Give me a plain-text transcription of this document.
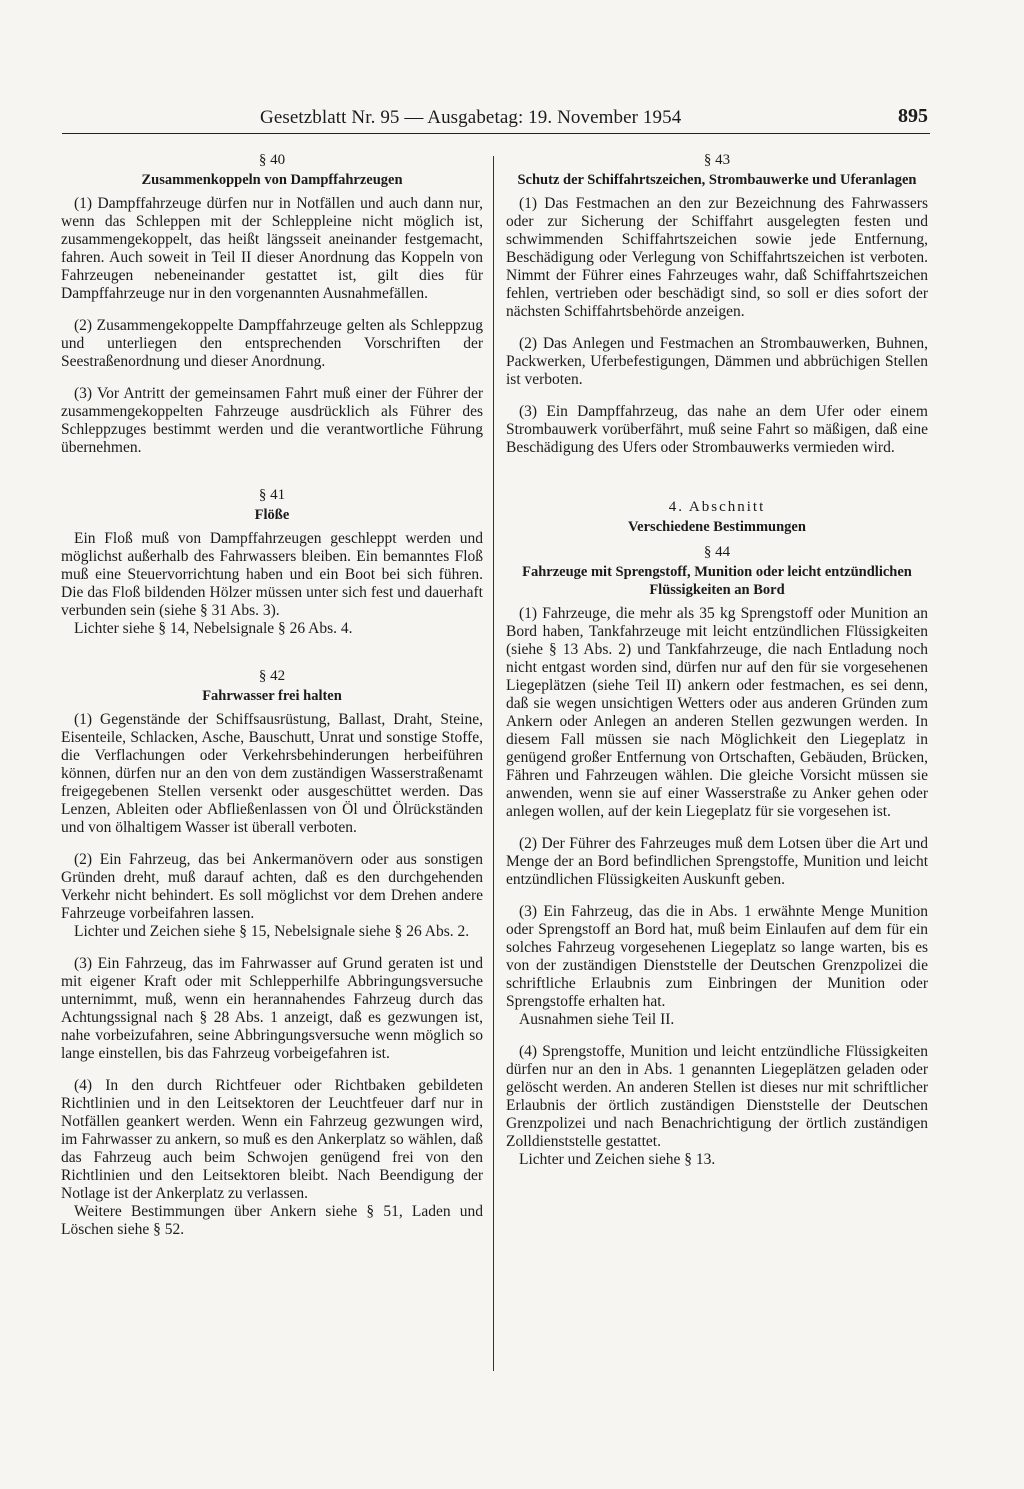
Gesetzblatt Nr. 95 — Ausgabetag: 19. November 1954	895
§ 40
Zusammenkoppeln von Dampffahrzeugen

(1) Dampffahrzeuge dürfen nur in Notfällen und auch dann nur, wenn das Schleppen mit der Schleppleine nicht möglich ist, zusammengekoppelt, das heißt längsseit aneinander festgemacht, fahren. Auch soweit in Teil II dieser Anordnung das Koppeln von Fahrzeugen nebeneinander gestattet ist, gilt dies für Dampffahrzeuge nur in den vorgenannten Ausnahmefällen.

(2) Zusammengekoppelte Dampffahrzeuge gelten als Schleppzug und unterliegen den entsprechenden Vorschriften der Seestraßenordnung und dieser Anordnung.

(3) Vor Antritt der gemeinsamen Fahrt muß einer der Führer der zusammengekoppelten Fahrzeuge ausdrücklich als Führer des Schleppzuges bestimmt werden und die verantwortliche Führung übernehmen.

§ 41
Flöße

Ein Floß muß von Dampffahrzeugen geschleppt werden und möglichst außerhalb des Fahrwassers bleiben. Ein bemanntes Floß muß eine Steuervorrichtung haben und ein Boot bei sich führen. Die das Floß bildenden Hölzer müssen unter sich fest und dauerhaft verbunden sein (siehe § 31 Abs. 3).

Lichter siehe § 14, Nebelsignale § 26 Abs. 4.

§ 42
Fahrwasser frei halten

(1) Gegenstände der Schiffsausrüstung, Ballast, Draht, Steine, Eisenteile, Schlacken, Asche, Bauschutt, Unrat und sonstige Stoffe, die Verflachungen oder Verkehrsbehinderungen herbeiführen können, dürfen nur an den von dem zuständigen Wasserstraßenamt freigegebenen Stellen versenkt oder ausgeschüttet werden. Das Lenzen, Ableiten oder Abfließenlassen von Öl und Ölrückständen und von ölhaltigem Wasser ist überall verboten.

(2) Ein Fahrzeug, das bei Ankermanövern oder aus sonstigen Gründen dreht, muß darauf achten, daß es den durchgehenden Verkehr nicht behindert. Es soll möglichst vor dem Drehen andere Fahrzeuge vorbeifahren lassen.

Lichter und Zeichen siehe § 15, Nebelsignale siehe § 26 Abs. 2.

(3) Ein Fahrzeug, das im Fahrwasser auf Grund geraten ist und mit eigener Kraft oder mit Schlepperhilfe Abbringungsversuche unternimmt, muß, wenn ein herannahendes Fahrzeug durch das Achtungssignal nach § 28 Abs. 1 anzeigt, daß es gezwungen ist, nahe vorbeizufahren, seine Abbringungsversuche wenn möglich so lange einstellen, bis das Fahrzeug vorbeigefahren ist.

(4) In den durch Richtfeuer oder Richtbaken gebildeten Richtlinien und in den Leitsektoren der Leuchtfeuer darf nur in Notfällen geankert werden. Wenn ein Fahrzeug gezwungen wird, im Fahrwasser zu ankern, so muß es den Ankerplatz so wählen, daß das Fahrzeug auch beim Schwojen genügend frei von den Richtlinien und den Leitsektoren bleibt. Nach Beendigung der Notlage ist der Ankerplatz zu verlassen.

Weitere Bestimmungen über Ankern siehe § 51, Laden und Löschen siehe § 52.

§ 43
Schutz der Schiffahrtszeichen, Strombauwerke und Uferanlagen

(1) Das Festmachen an den zur Bezeichnung des Fahrwassers oder zur Sicherung der Schiffahrt ausgelegten festen und schwimmenden Schiffahrtszeichen sowie jede Entfernung, Beschädigung oder Verlegung von Schiffahrtszeichen ist verboten. Nimmt der Führer eines Fahrzeuges wahr, daß Schiffahrtszeichen fehlen, vertrieben oder beschädigt sind, so soll er dies sofort der nächsten Schiffahrtsbehörde anzeigen.

(2) Das Anlegen und Festmachen an Strombauwerken, Buhnen, Packwerken, Uferbefestigungen, Dämmen und abbrüchigen Stellen ist verboten.

(3) Ein Dampffahrzeug, das nahe an dem Ufer oder einem Strombauwerk vorüberfährt, muß seine Fahrt so mäßigen, daß eine Beschädigung des Ufers oder Strombauwerks vermieden wird.

4. Abschnitt
Verschiedene Bestimmungen
§ 44
Fahrzeuge mit Sprengstoff, Munition oder leicht entzündlichen Flüssigkeiten an Bord

(1) Fahrzeuge, die mehr als 35 kg Sprengstoff oder Munition an Bord haben, Tankfahrzeuge mit leicht entzündlichen Flüssigkeiten (siehe § 13 Abs. 2) und Tankfahrzeuge, die nach Entladung noch nicht entgast worden sind, dürfen nur auf den für sie vorgesehenen Liegeplätzen (siehe Teil II) ankern oder festmachen, es sei denn, daß sie wegen unsichtigen Wetters oder aus anderen Gründen zum Ankern oder Anlegen an anderen Stellen gezwungen werden. In diesem Fall müssen sie nach Möglichkeit den Liegeplatz in genügend großer Entfernung von Ortschaften, Gebäuden, Brücken, Fähren und Fahrzeugen wählen. Die gleiche Vorsicht müssen sie anwenden, wenn sie auf einer Wasserstraße zu Anker gehen oder anlegen wollen, auf der kein Liegeplatz für sie vorgesehen ist.

(2) Der Führer des Fahrzeuges muß dem Lotsen über die Art und Menge der an Bord befindlichen Sprengstoffe, Munition und leicht entzündlichen Flüssigkeiten Auskunft geben.

(3) Ein Fahrzeug, das die in Abs. 1 erwähnte Menge Munition oder Sprengstoff an Bord hat, muß beim Einlaufen auf dem für ein solches Fahrzeug vorgesehenen Liegeplatz so lange warten, bis es von der zuständigen Dienststelle der Deutschen Grenzpolizei die schriftliche Erlaubnis zum Einbringen der Munition oder Sprengstoffe erhalten hat.

Ausnahmen siehe Teil II.

(4) Sprengstoffe, Munition und leicht entzündliche Flüssigkeiten dürfen nur an den in Abs. 1 genannten Liegeplätzen geladen oder gelöscht werden. An anderen Stellen ist dieses nur mit schriftlicher Erlaubnis der örtlich zuständigen Dienststelle der Deutschen Grenzpolizei und nach Benachrichtigung der örtlich zuständigen Zolldienststelle gestattet.

Lichter und Zeichen siehe § 13.
